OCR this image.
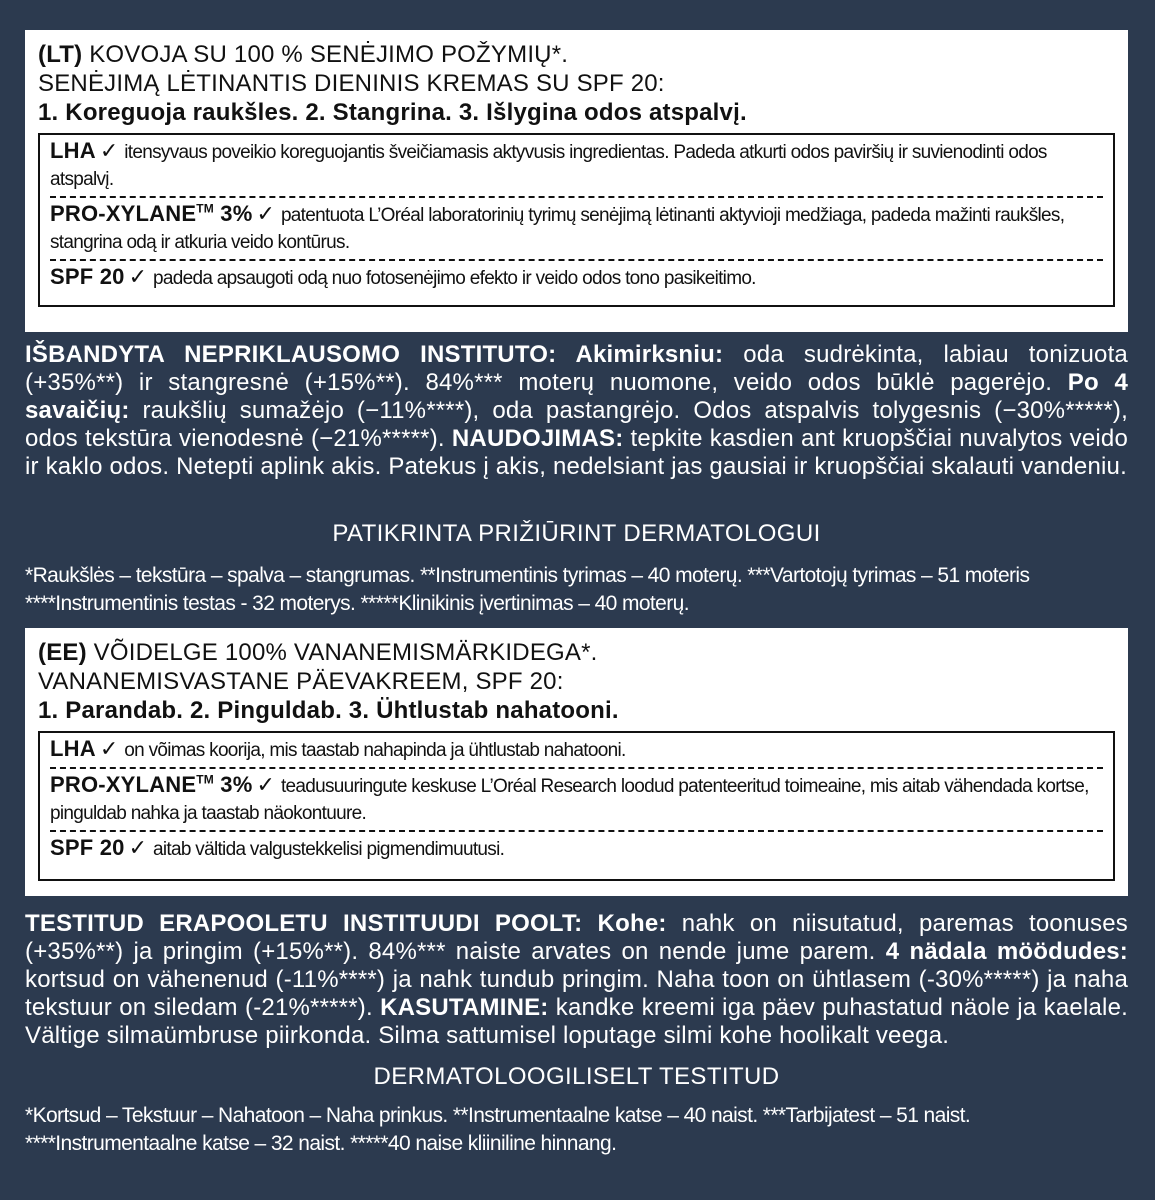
(LT) KOVOJA SU 100 % SENĖJIMO POŽYMIŲ*.
SENĖJIMĄ LĖTINANTIS DIENINIS KREMAS SU SPF 20:
1. Koreguoja raukšles. 2. Stangrina. 3. Išlygina odos atspalvį.
LHA ✓ itensyvaus poveikio koreguojantis šveičiamasis aktyvusis ingredientas. Padeda atkurti odos paviršių ir suvienodinti odos atspalvį.
PRO-XYLANE™ 3% ✓ patentuota L’Oréal laboratorinių tyrimų senėjimą lėtinanti aktyvioji medžiaga, padeda mažinti raukšles, stangrina odą ir atkuria veido kontūrus.
SPF 20 ✓ padeda apsaugoti odą nuo fotosenėjimo efekto ir veido odos tono pasikeitimo.
IŠBANDYTA NEPRIKLAUSOMO INSTITUTO: Akimirksniu: oda sudrėkinta, labiau tonizuota (+35%**) ir stangresnė (+15%**). 84%*** moterų nuomone, veido odos būklė pagerėjo. Po 4 savaičių: raukšlių sumažėjo (−11%****), oda pastangrėjo. Odos atspalvis tolygesnis (−30%*****), odos tekstūra vienodesnė (−21%*****). NAUDOJIMAS: tepkite kasdien ant kruopščiai nuvalytos veido ir kaklo odos. Netepti aplink akis. Patekus į akis, nedelsiant jas gausiai ir kruopščiai skalauti vandeniu.
PATIKRINTA PRIŽIŪRINT DERMATOLOGUI
*Raukšlės – tekstūra – spalva – stangrumas. **Instrumentinis tyrimas – 40 moterų. ***Vartotojų tyrimas – 51 moteris
****Instrumentinis testas - 32 moterys. *****Klinikinis įvertinimas – 40 moterų.
(EE) VÕIDELGE 100% VANANEMISMÄRKIDEGA*.
VANANEMISVASTANE PÄEVAKREEM, SPF 20:
1. Parandab. 2. Pinguldab. 3. Ühtlustab nahatooni.
LHA ✓ on võimas koorija, mis taastab nahapinda ja ühtlustab nahatooni.
PRO-XYLANE™ 3% ✓ teadusuuringute keskuse L’Oréal Research loodud patenteeritud toimeaine, mis aitab vähendada kortse, pinguldab nahka ja taastab näokontuure.
SPF 20 ✓ aitab vältida valgustekkelisi pigmendimuutusi.
TESTITUD ERAPOOLETU INSTITUUDI POOLT: Kohe: nahk on niisutatud, paremas toonuses (+35%**) ja pringim (+15%**). 84%*** naiste arvates on nende jume parem. 4 nädala möödudes: kortsud on vähenenud (-11%****) ja nahk tundub pringim. Naha toon on ühtlasem (-30%*****) ja naha tekstuur on siledam (-21%*****). KASUTAMINE: kandke kreemi iga päev puhastatud näole ja kaelale. Vältige silmaümbruse piirkonda. Silma sattumisel loputage silmi kohe hoolikalt veega.
DERMATOLOOGILISELT TESTITUD
*Kortsud – Tekstuur – Nahatoon – Naha prinkus. **Instrumentaalne katse – 40 naist. ***Tarbijatest – 51 naist.
****Instrumentaalne katse – 32 naist. *****40 naise kliiniline hinnang.
